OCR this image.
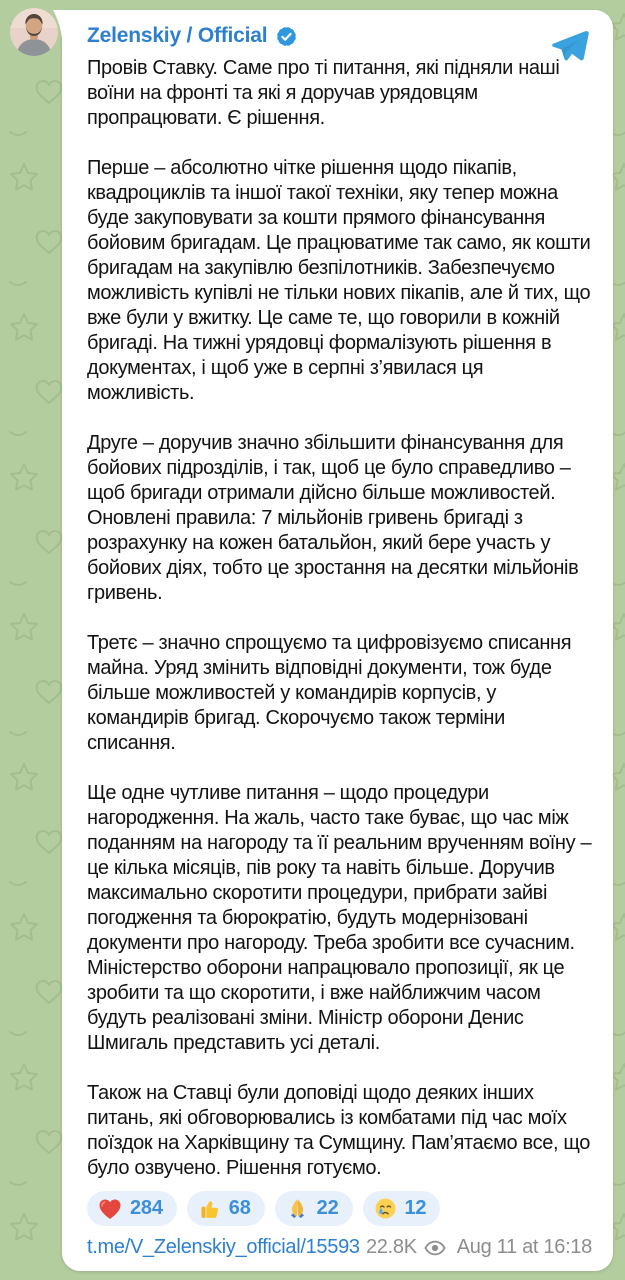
Zelenskiy / Official

Провів Ставку. Саме про ті питання, які підняли наші воїни на фронті та які я доручав урядовцям пропрацювати. Є рішення.

Перше – абсолютно чітке рішення щодо пікапів, квадроциклів та іншої такої техніки, яку тепер можна буде закуповувати за кошти прямого фінансування бойовим бригадам. Це працюватиме так само, як кошти бригадам на закупівлю безпілотників. Забезпечуємо можливість купівлі не тільки нових пікапів, але й тих, що вже були у вжитку. Це саме те, що говорили в кожній бригаді. На тижні урядовці формалізують рішення в документах, і щоб уже в серпні з’явилася ця можливість.

Друге – доручив значно збільшити фінансування для бойових підрозділів, і так, щоб це було справедливо – щоб бригади отримали дійсно більше можливостей. Оновлені правила: 7 мільйонів гривень бригаді з розрахунку на кожен батальйон, який бере участь у бойових діях, тобто це зростання на десятки мільйонів гривень.

Третє – значно спрощуємо та цифровізуємо списання майна. Уряд змінить відповідні документи, тож буде більше можливостей у командирів корпусів, у командирів бригад. Скорочуємо також терміни списання.

Ще одне чутливе питання – щодо процедури нагородження. На жаль, часто таке буває, що час між поданням на нагороду та її реальним врученням воїну – це кілька місяців, пів року та навіть більше. Доручив максимально скоротити процедури, прибрати зайві погодження та бюрократію, будуть модернізовані документи про нагороду. Треба зробити все сучасним. Міністерство оборони напрацювало пропозиції, як це зробити та що скоротити, і вже найближчим часом будуть реалізовані зміни. Міністр оборони Денис Шмигаль представить усі деталі.

Також на Ставці були доповіді щодо деяких інших питань, які обговорювались із комбатами під час моїх поїздок на Харківщину та Сумщину. Пам’ятаємо все, що було озвучено. Рішення готуємо.

284	68	22	12
t.me/V_Zelenskiy_official/15593 22.8K Aug 11 at 16:18
